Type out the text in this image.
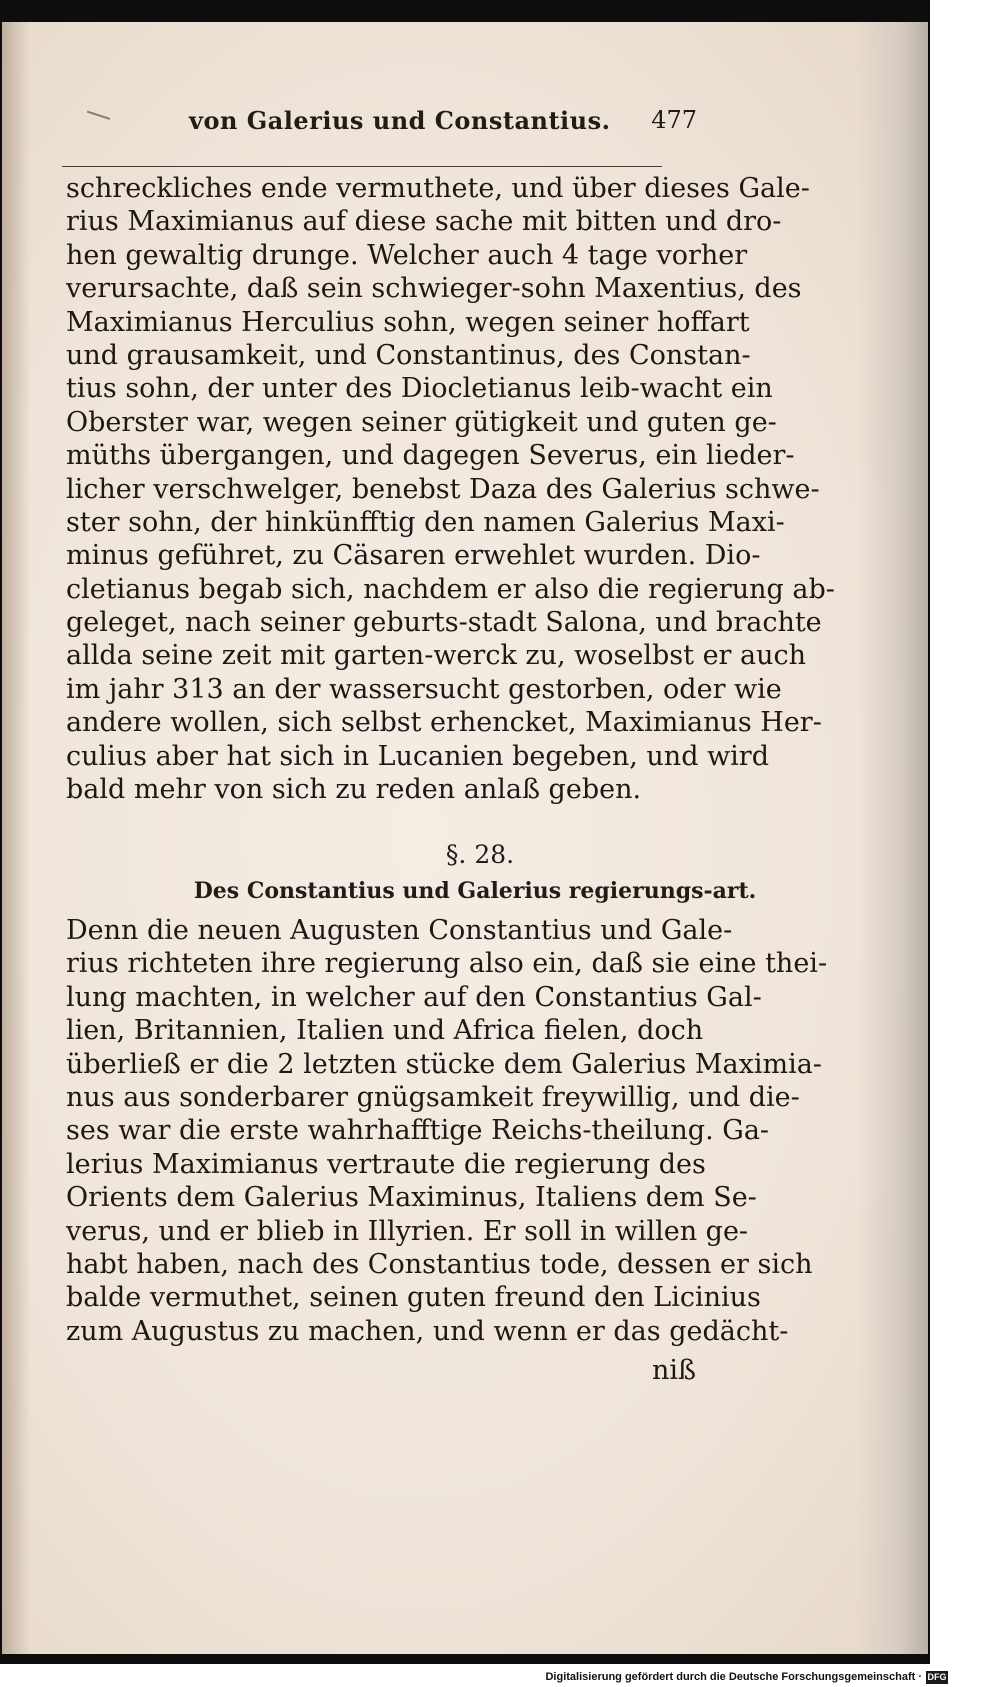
von Galerius und Constantius. 477
schreckliches ende vermuthete, und über dieses Gale-
rius Maximianus auf diese sache mit bitten und dro-
hen gewaltig drunge. Welcher auch 4 tage vorher
verursachte, daß sein schwieger-sohn Maxentius, des
Maximianus Herculius sohn, wegen seiner hoffart
und grausamkeit, und Constantinus, des Constan-
tius sohn, der unter des Diocletianus leib-wacht ein
Oberster war, wegen seiner gütigkeit und guten ge-
müths übergangen, und dagegen Severus, ein lieder-
licher verschwelger, benebst Daza des Galerius schwe-
ster sohn, der hinkünfftig den namen Galerius Maxi-
minus geführet, zu Cäsaren erwehlet wurden. Dio-
cletianus begab sich, nachdem er also die regierung ab-
geleget, nach seiner geburts-stadt Salona, und brachte
allda seine zeit mit garten-werck zu, woselbst er auch
im jahr 313 an der wassersucht gestorben, oder wie
andere wollen, sich selbst erhencket, Maximianus Her-
culius aber hat sich in Lucanien begeben, und wird
bald mehr von sich zu reden anlaß geben.
§. 28.
Des Constantius und Galerius regierungs-art.
Denn die neuen Augusten Constantius und Gale-
rius richteten ihre regierung also ein, daß sie eine thei-
lung machten, in welcher auf den Constantius Gal-
lien, Britannien, Italien und Africa fielen, doch
überließ er die 2 letzten stücke dem Galerius Maximia-
nus aus sonderbarer gnügsamkeit freywillig, und die-
ses war die erste wahrhafftige Reichs-theilung. Ga-
lerius Maximianus vertraute die regierung des
Orients dem Galerius Maximinus, Italiens dem Se-
verus, und er blieb in Illyrien. Er soll in willen ge-
habt haben, nach des Constantius tode, dessen er sich
balde vermuthet, seinen guten freund den Licinius
zum Augustus zu machen, und wenn er das gedächt-
niß
Digitalisierung gefördert durch die Deutsche Forschungsgemeinschaft · DFG
